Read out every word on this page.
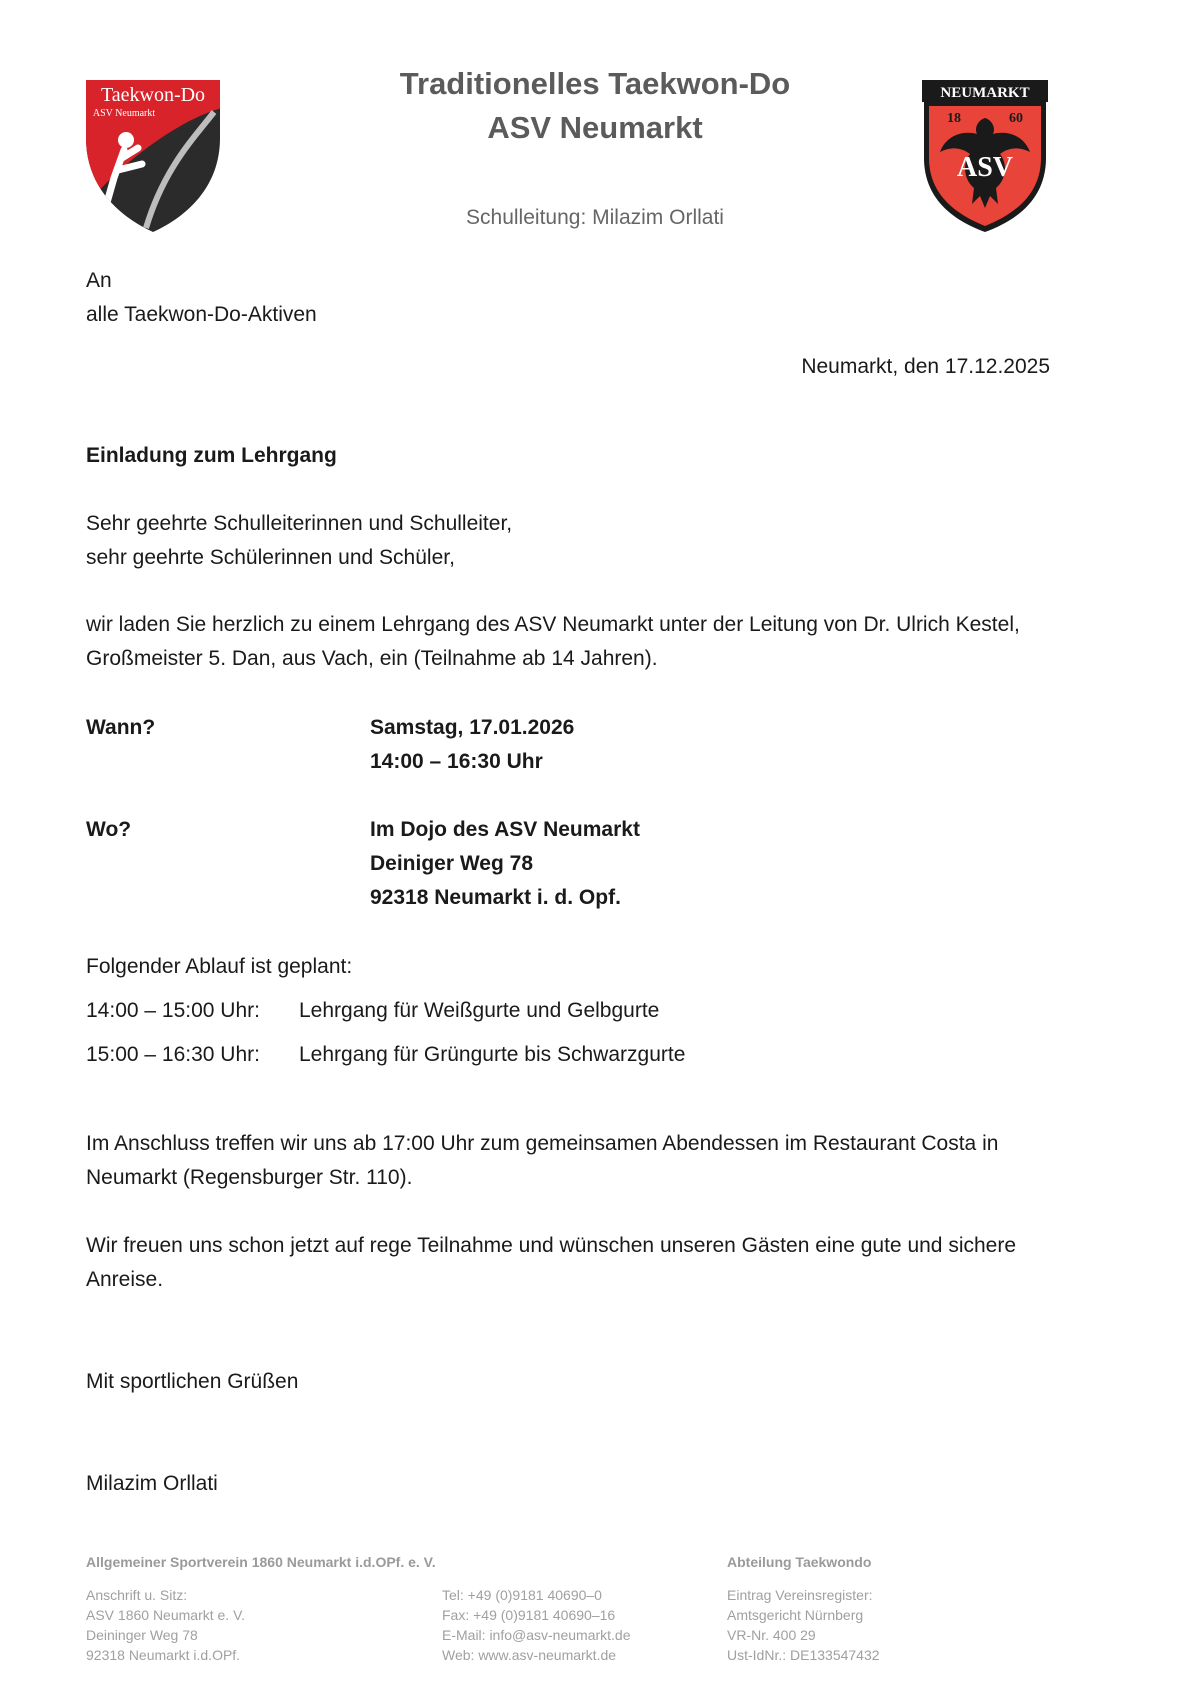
Taekwon-Do
ASV Neumarkt
Traditionelles Taekwon-Do
ASV Neumarkt
Schulleitung: Milazim Orllati
NEUMARKT
18	60
ASV
An
alle Taekwon-Do-Aktiven
Neumarkt, den 17.12.2025
Einladung zum Lehrgang
Sehr geehrte Schulleiterinnen und Schulleiter,
sehr geehrte Schülerinnen und Schüler,
wir laden Sie herzlich zu einem Lehrgang des ASV Neumarkt unter der Leitung von Dr. Ulrich Kestel,
Großmeister 5. Dan, aus Vach, ein (Teilnahme ab 14 Jahren).
Wann?	Samstag, 17.01.2026
14:00 – 16:30 Uhr
Wo?	Im Dojo des ASV Neumarkt
Deiniger Weg 78
92318 Neumarkt i. d. Opf.
Folgender Ablauf ist geplant:
14:00 – 15:00 Uhr: Lehrgang für Weißgurte und Gelbgurte
15:00 – 16:30 Uhr: Lehrgang für Grüngurte bis Schwarzgurte
Im Anschluss treffen wir uns ab 17:00 Uhr zum gemeinsamen Abendessen im Restaurant Costa in
Neumarkt (Regensburger Str. 110).
Wir freuen uns schon jetzt auf rege Teilnahme und wünschen unseren Gästen eine gute und sichere
Anreise.
Mit sportlichen Grüßen
Milazim Orllati
Allgemeiner Sportverein 1860 Neumarkt i.d.OPf. e. V.	Abteilung Taekwondo
Anschrift u. Sitz:
ASV 1860 Neumarkt e. V.
Deininger Weg 78
92318 Neumarkt i.d.OPf.
Tel: +49 (0)9181 40690–0
Fax: +49 (0)9181 40690–16
E-Mail: info@asv-neumarkt.de
Web: www.asv-neumarkt.de
Eintrag Vereinsregister:
Amtsgericht Nürnberg
VR-Nr. 400 29
Ust-IdNr.: DE133547432
